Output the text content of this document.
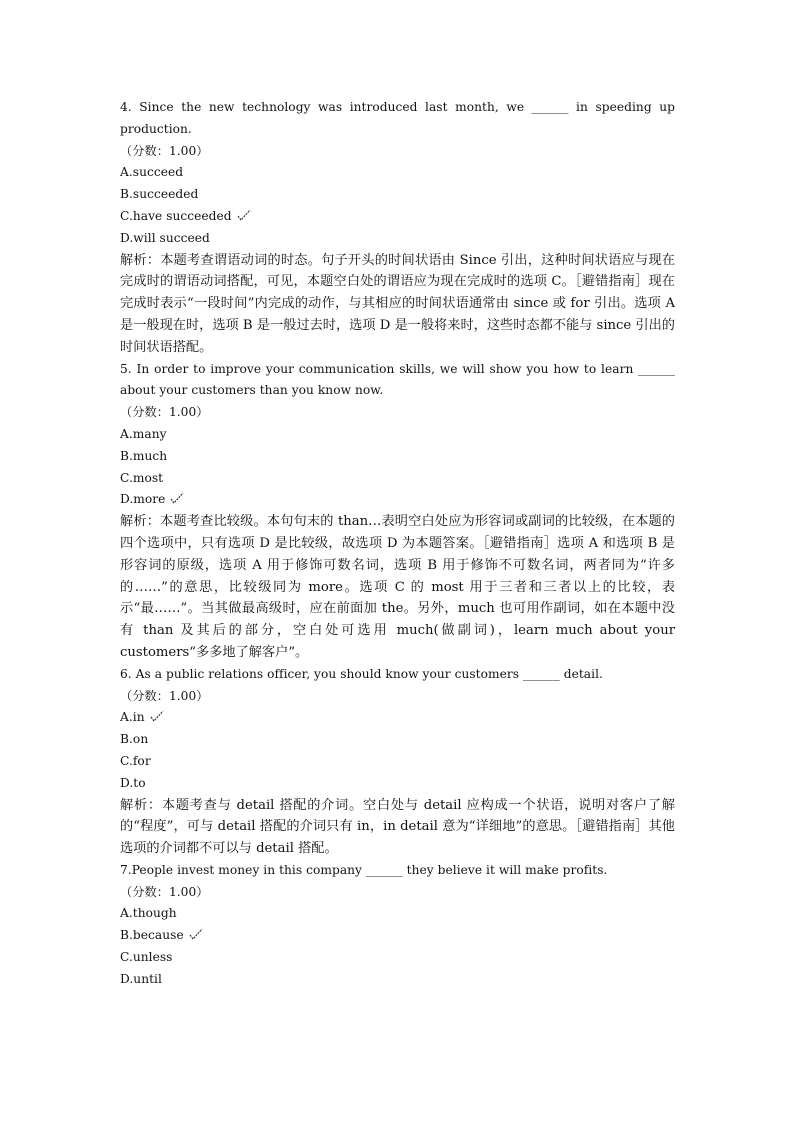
4. Since the new technology was introduced last month, we ______ in speeding up production.
（分数：1.00）
A.succeed
B.succeeded
C.have succeeded
D.will succeed
解析：本题考查谓语动词的时态。句子开头的时间状语由 Since 引出，这种时间状语应与现在完成时的谓语动词搭配，可见，本题空白处的谓语应为现在完成时的选项 C。［避错指南］现在完成时表示“一段时间”内完成的动作，与其相应的时间状语通常由 since 或 for 引出。选项 A 是一般现在时，选项 B 是一般过去时，选项 D 是一般将来时，这些时态都不能与 since 引出的时间状语搭配。
5. In order to improve your communication skills, we will show you how to learn ______ about your customers than you know now.
（分数：1.00）
A.many
B.much
C.most
D.more
解析：本题考查比较级。本句句末的 than…表明空白处应为形容词或副词的比较级，在本题的四个选项中，只有选项 D 是比较级，故选项 D 为本题答案。［避错指南］选项 A 和选项 B 是形容词的原级，选项 A 用于修饰可数名词，选项 B 用于修饰不可数名词，两者同为“许多的……”的意思，比较级同为 more。选项 C 的 most 用于三者和三者以上的比较，表示“最……”。当其做最高级时，应在前面加 the。另外，much 也可用作副词，如在本题中没有 than 及其后的部分，空白处可选用 much(做副词)，learn much about your customers“多多地了解客户”。
6. As a public relations officer, you should know your customers ______ detail.
（分数：1.00）
A.in
B.on
C.for
D.to
解析：本题考查与 detail 搭配的介词。空白处与 detail 应构成一个状语，说明对客户了解的“程度”，可与 detail 搭配的介词只有 in，in detail 意为“详细地”的意思。［避错指南］其他选项的介词都不可以与 detail 搭配。
7.People invest money in this company ______ they believe it will make profits.
（分数：1.00）
A.though
B.because
C.unless
D.until
